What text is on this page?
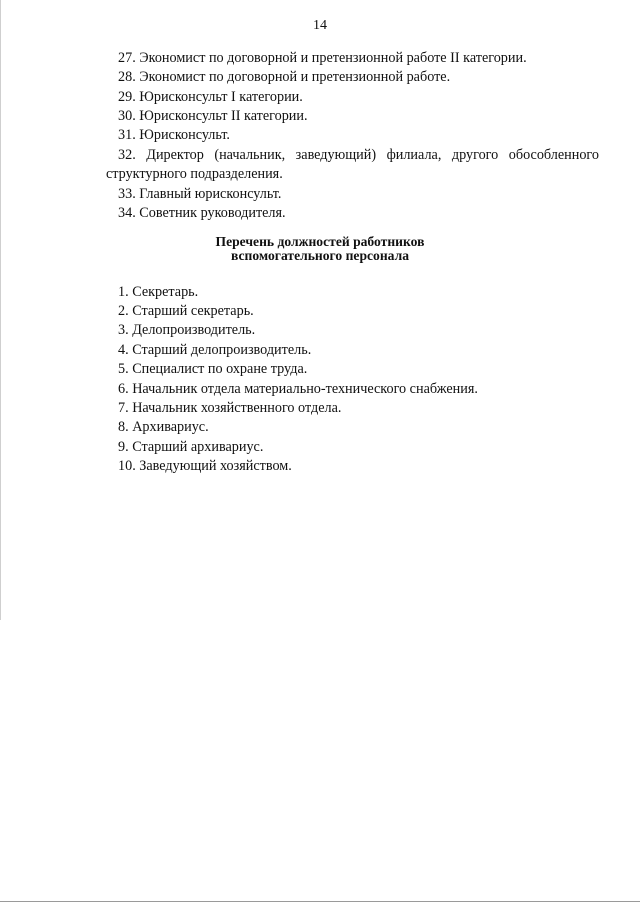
14
27. Экономист по договорной и претензионной работе II категории.
28. Экономист по договорной и претензионной работе.
29. Юрисконсульт I категории.
30. Юрисконсульт II категории.
31. Юрисконсульт.
32. Директор (начальник, заведующий) филиала, другого обособленного
структурного подразделения.
33. Главный юрисконсульт.
34. Советник руководителя.
Перечень должностей работников
вспомогательного персонала
1. Секретарь.
2. Старший секретарь.
3. Делопроизводитель.
4. Старший делопроизводитель.
5. Специалист по охране труда.
6. Начальник отдела материально-технического снабжения.
7. Начальник хозяйственного отдела.
8. Архивариус.
9. Старший архивариус.
10. Заведующий хозяйством.
